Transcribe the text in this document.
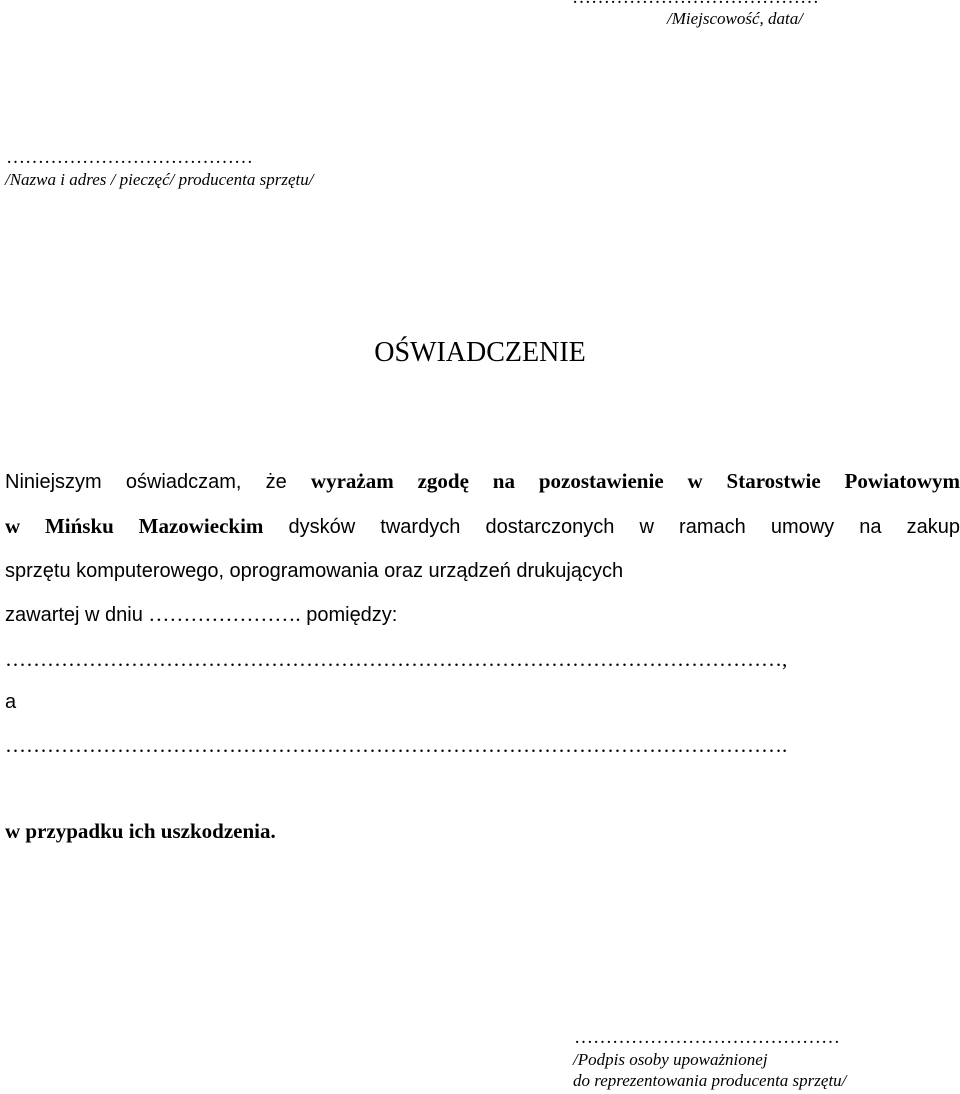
/Miejscowość, data/
…………………………………
/Nazwa i adres / pieczęć/ producenta sprzętu/
OŚWIADCZENIE
Niniejszym oświadczam, że wyrażam zgodę na pozostawienie w Starostwie Powiatowym
w Mińsku Mazowieckim dysków twardych dostarczonych w ramach umowy na zakup
sprzętu komputerowego, oprogramowania oraz urządzeń drukujących
zawartej w dniu …………………. pomiędzy:
…………………………………………………………………………………………………,
a
………………………………………………………………………………………………….
w przypadku ich uszkodzenia.
……………………………………
/Podpis osoby upoważnionej
do reprezentowania producenta sprzętu/
